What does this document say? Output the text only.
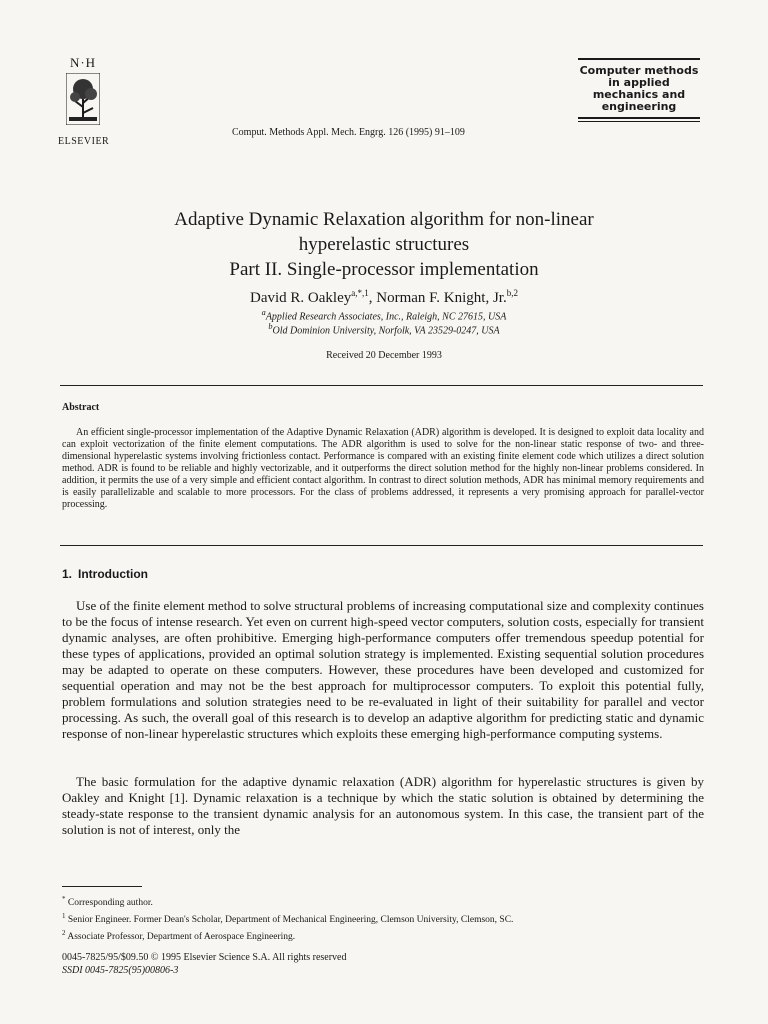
N·H
ELSEVIER
Comput. Methods Appl. Mech. Engrg. 126 (1995) 91–109
Computer methods
in applied
mechanics and
engineering
Adaptive Dynamic Relaxation algorithm for non-linear
hyperelastic structures
Part II. Single-processor implementation
David R. Oakley$^{a,*,1}$, Norman F. Knight, Jr.$^{b,2}$
$^a$Applied Research Associates, Inc., Raleigh, NC 27615, USA
$^b$Old Dominion University, Norfolk, VA 23529-0247, USA
Received 20 December 1993
Abstract
An efficient single-processor implementation of the Adaptive Dynamic Relaxation (ADR) algorithm is developed. It is designed to exploit data locality and can exploit vectorization of the finite element computations. The ADR algorithm is used to solve for the non-linear static response of two- and three-dimensional hyperelastic systems involving frictionless contact. Performance is compared with an existing finite element code which utilizes a direct solution method. ADR is found to be reliable and highly vectorizable, and it outperforms the direct solution method for the highly non-linear problems considered. In addition, it permits the use of a very simple and efficient contact algorithm. In contrast to direct solution methods, ADR has minimal memory requirements and is easily parallelizable and scalable to more processors. For the class of problems addressed, it represents a very promising approach for parallel-vector processing.
1. Introduction
Use of the finite element method to solve structural problems of increasing computational size and complexity continues to be the focus of intense research. Yet even on current high-speed vector computers, solution costs, especially for transient dynamic analyses, are often prohibitive. Emerging high-performance computers offer tremendous speedup potential for these types of applications, provided an optimal solution strategy is implemented. Existing sequential solution procedures may be adapted to operate on these computers. However, these procedures have been developed and customized for sequential operation and may not be the best approach for multiprocessor computers. To exploit this potential fully, problem formulations and solution strategies need to be re-evaluated in light of their suitability for parallel and vector processing. As such, the overall goal of this research is to develop an adaptive algorithm for predicting static and dynamic response of non-linear hyperelastic structures which exploits these emerging high-performance computing systems.
The basic formulation for the adaptive dynamic relaxation (ADR) algorithm for hyperelastic structures is given by Oakley and Knight [1]. Dynamic relaxation is a technique by which the static solution is obtained by determining the steady-state response to the transient dynamic analysis for an autonomous system. In this case, the transient part of the solution is not of interest, only the
* Corresponding author.
$^1$ Senior Engineer. Former Dean's Scholar, Department of Mechanical Engineering, Clemson University, Clemson, SC.
$^2$ Associate Professor, Department of Aerospace Engineering.
0045-7825/95/$09.50 © 1995 Elsevier Science S.A. All rights reserved
SSDI 0045-7825(95)00806-3
